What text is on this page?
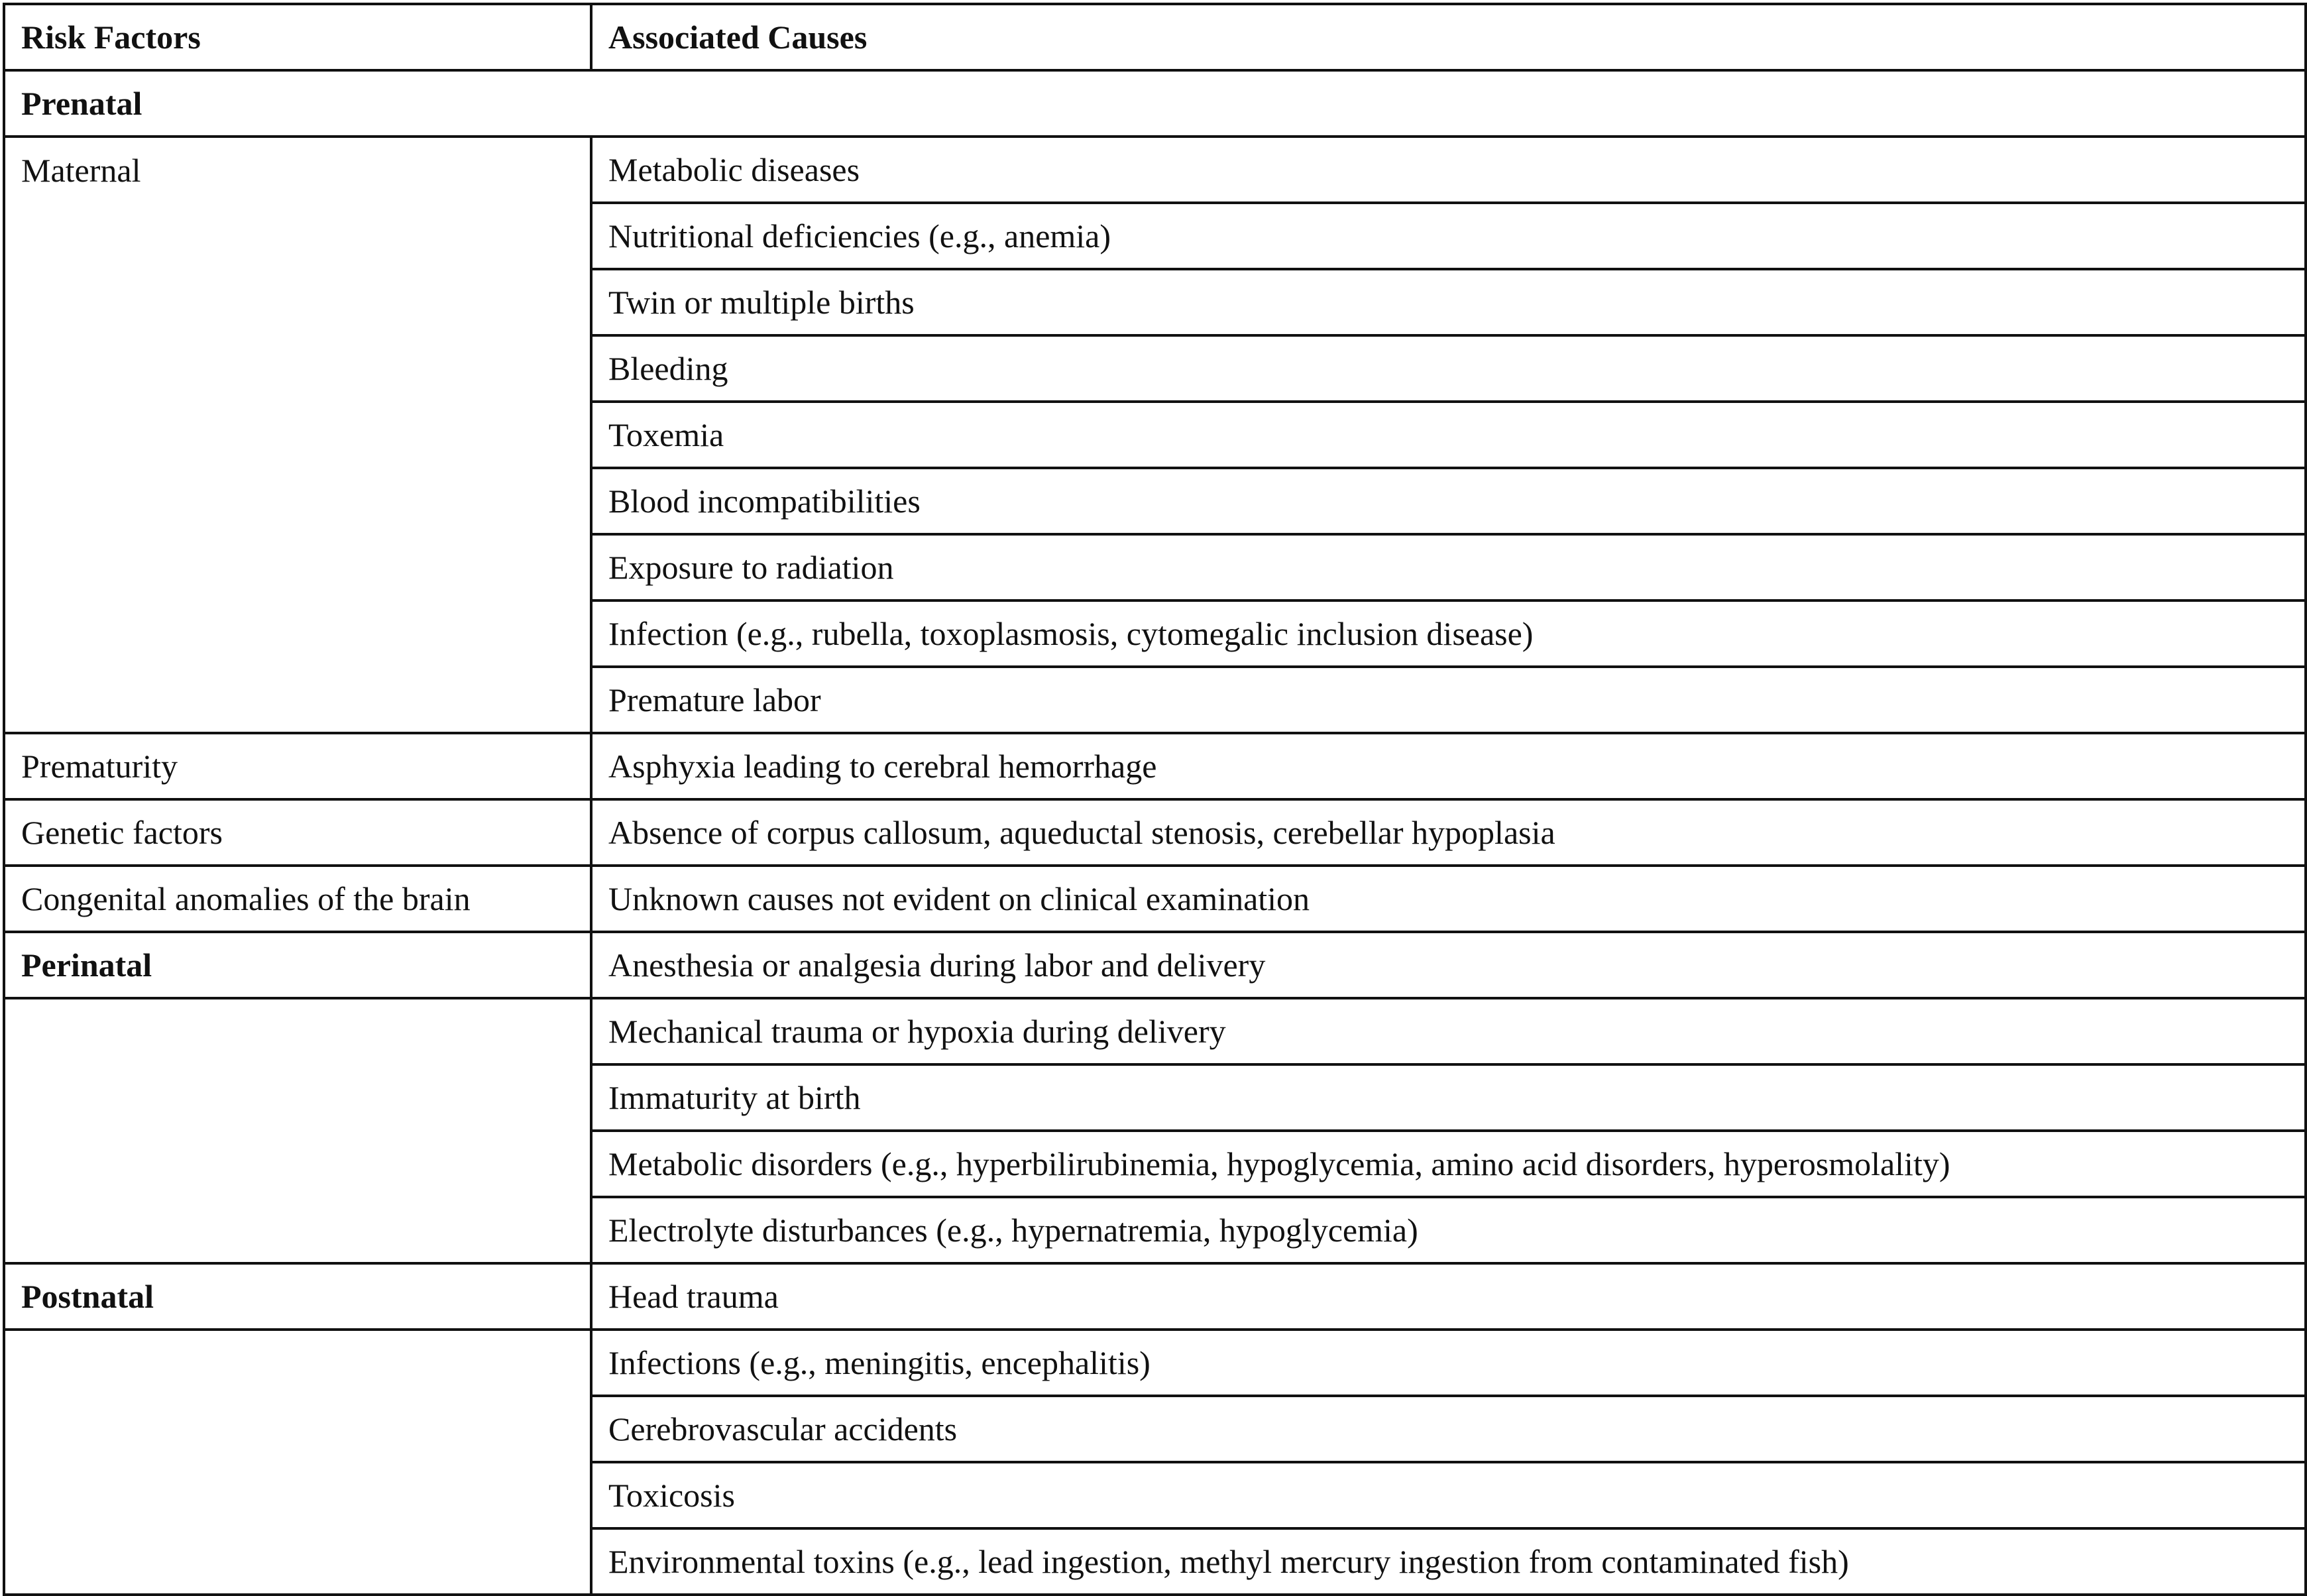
Risk Factors	Associated Causes
Prenatal	
Maternal	Metabolic diseases
	Nutritional deficiencies (e.g., anemia)
	Twin or multiple births
	Bleeding
	Toxemia
	Blood incompatibilities
	Exposure to radiation
	Infection (e.g., rubella, toxoplasmosis, cytomegalic inclusion disease)
	Premature labor
Prematurity	Asphyxia leading to cerebral hemorrhage
Genetic factors	Absence of corpus callosum, aqueductal stenosis, cerebellar hypoplasia
Congenital anomalies of the brain	Unknown causes not evident on clinical examination
Perinatal	Anesthesia or analgesia during labor and delivery
	Mechanical trauma or hypoxia during delivery
	Immaturity at birth
	Metabolic disorders (e.g., hyperbilirubinemia, hypoglycemia, amino acid disorders, hyperosmolality)
	Electrolyte disturbances (e.g., hypernatremia, hypoglycemia)
Postnatal	Head trauma
	Infections (e.g., meningitis, encephalitis)
	Cerebrovascular accidents
	Toxicosis
	Environmental toxins (e.g., lead ingestion, methyl mercury ingestion from contaminated fish)
